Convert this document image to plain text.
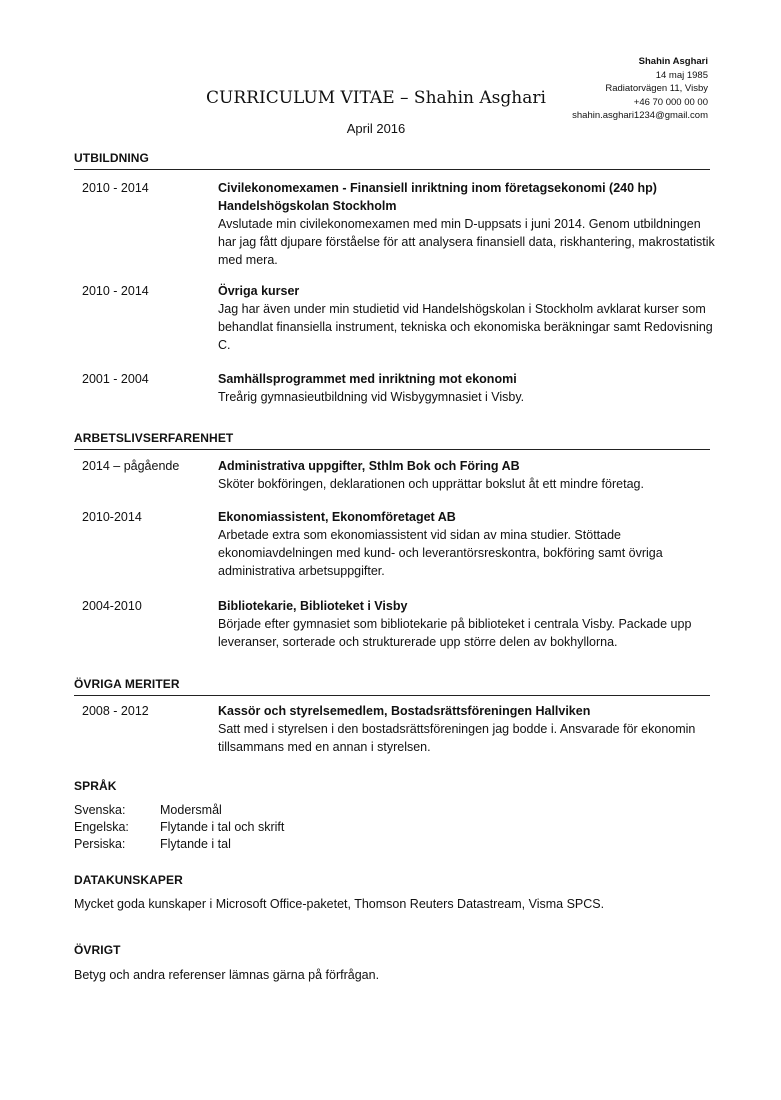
Shahin Asghari
14 maj 1985
Radiatorvägen 11, Visby
+46 70 000 00 00
shahin.asghari1234@gmail.com
CURRICULUM VITAE – Shahin Asghari
April 2016
UTBILDNING
2010 - 2014	Civilekonomexamen - Finansiell inriktning inom företagsekonomi (240 hp)
Handelshögskolan Stockholm
Avslutade min civilekonomexamen med min D-uppsats i juni 2014. Genom utbildningen har jag fått djupare förståelse för att analysera finansiell data, riskhantering, makrostatistik med mera.
2010 - 2014	Övriga kurser
Jag har även under min studietid vid Handelshögskolan i Stockholm avklarat kurser som behandlat finansiella instrument, tekniska och ekonomiska beräkningar samt Redovisning C.
2001 - 2004	Samhällsprogrammet med inriktning mot ekonomi
Treårig gymnasieutbildning vid Wisbygymnasiet i Visby.
ARBETSLIVSERFARENHET
2014 – pågående	Administrativa uppgifter, Sthlm Bok och Föring AB
Sköter bokföringen, deklarationen och upprättar bokslut åt ett mindre företag.
2010-2014	Ekonomiassistent, Ekonomföretaget AB
Arbetade extra som ekonomiassistent vid sidan av mina studier. Stöttade ekonomiavdelningen med kund- och leverantörsreskontra, bokföring samt övriga administrativa arbetsuppgifter.
2004-2010	Bibliotekarie, Biblioteket i Visby
Började efter gymnasiet som bibliotekarie på biblioteket i centrala Visby. Packade upp leveranser, sorterade och strukturerade upp större delen av bokhyllorna.
ÖVRIGA MERITER
2008 - 2012	Kassör och styrelsemedlem, Bostadsrättsföreningen Hallviken
Satt med i styrelsen i den bostadsrättsföreningen jag bodde i. Ansvarade för ekonomin tillsammans med en annan i styrelsen.
SPRÅK
Svenska:	Modersmål
Engelska: Flytande i tal och skrift
Persiska:	Flytande i tal
DATAKUNSKAPER
Mycket goda kunskaper i Microsoft Office-paketet, Thomson Reuters Datastream, Visma SPCS.
ÖVRIGT
Betyg och andra referenser lämnas gärna på förfrågan.
